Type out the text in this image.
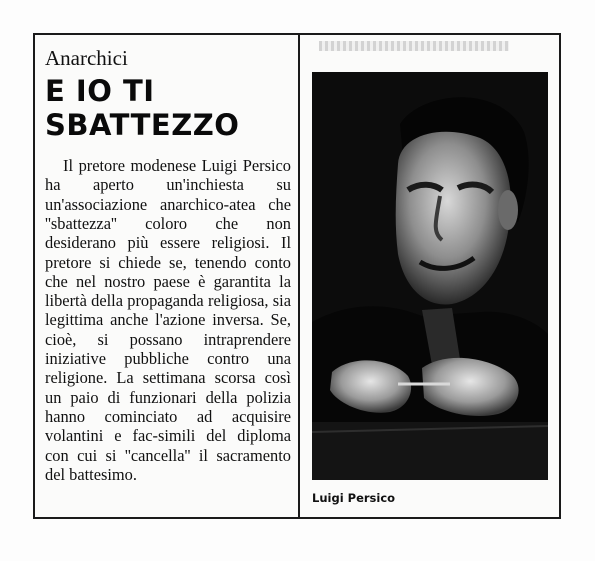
Anarchici
E IO TI
SBATTEZZO

Il pretore modenese Luigi Persico ha aperto un'inchiesta su un'associazione anarchico-atea che ''sbattezza'' coloro che non desiderano più essere religiosi. Il pretore si chiede se, tenendo conto che nel nostro paese è garantita la libertà della propaganda religiosa, sia legittima anche l'azione inversa. Se, cioè, si possano intraprendere iniziative pubbliche contro una religione. La settimana scorsa così un paio di funzionari della polizia hanno cominciato ad acquisire volantini e fac-simili del diploma con cui si ''cancella'' il sacramento del battesimo.

Luigi Persico
